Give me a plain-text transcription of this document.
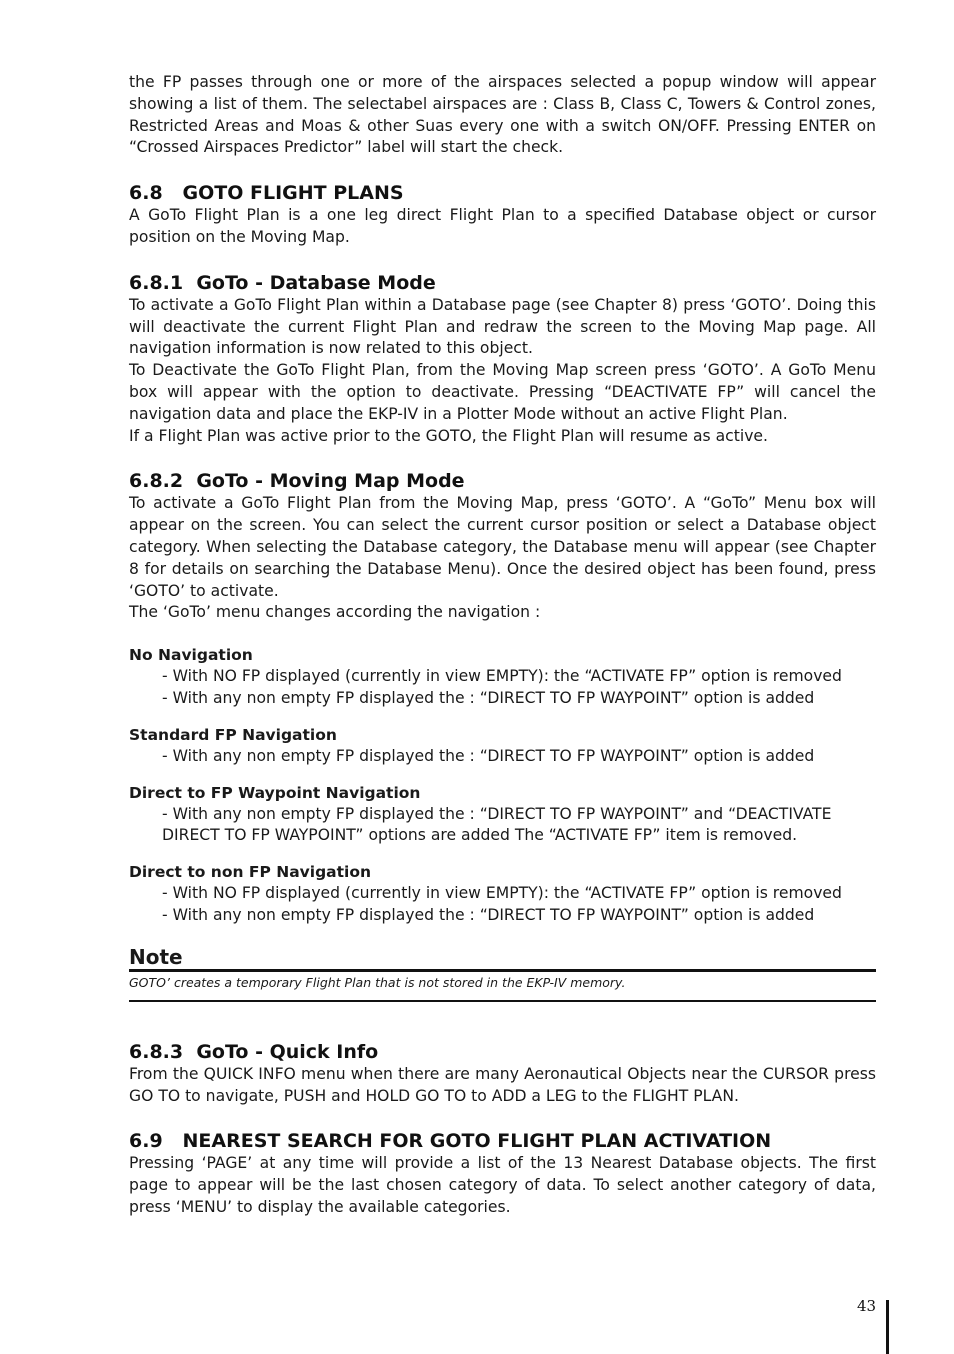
the FP passes through one or more of the airspaces selected a popup window will appear showing a list of them. The selectabel airspaces are : Class B, Class C, Towers & Control zones, Restricted Areas and Moas & other Suas every one with a switch ON/OFF. Pressing ENTER on “Crossed Airspaces Predictor” label will start the check.

6.8   GOTO FLIGHT PLANS

A GoTo Flight Plan is a one leg direct Flight Plan to a specified Database object or cursor position on the Moving Map.

6.8.1  GoTo - Database Mode

To activate a GoTo Flight Plan within a Database page (see Chapter 8) press ‘GOTO’. Doing this will deactivate the current Flight Plan and redraw the screen to the Moving Map page. All navigation information is now related to this object.

To Deactivate the GoTo Flight Plan, from the Moving Map screen press ‘GOTO’. A GoTo Menu box will appear with the option to deactivate. Pressing “DEACTIVATE FP” will cancel the navigation data and place the EKP-IV in a Plotter Mode without an active Flight Plan.

If a Flight Plan was active prior to the GOTO, the Flight Plan will resume as active.

6.8.2  GoTo - Moving Map Mode

To activate a GoTo Flight Plan from the Moving Map, press ‘GOTO’. A “GoTo” Menu box will appear on the screen. You can select the current cursor position or select a Database object category. When selecting the Database category, the Database menu will appear (see Chapter 8 for details on searching the Database Menu). Once the desired object has been found, press ‘GOTO’ to activate.

The ‘GoTo’ menu changes according the navigation :

No Navigation
- With NO FP displayed (currently in view EMPTY): the “ACTIVATE FP” option is removed
- With any non empty FP displayed the : “DIRECT TO FP WAYPOINT” option is added
Standard FP Navigation
- With any non empty FP displayed the : “DIRECT TO FP WAYPOINT” option is added
Direct to FP Waypoint Navigation
- With any non empty FP displayed the : “DIRECT TO FP WAYPOINT” and “DEACTIVATE
DIRECT TO FP WAYPOINT” options are added The “ACTIVATE FP” item is removed.
Direct to non FP Navigation
- With NO FP displayed (currently in view EMPTY): the “ACTIVATE FP” option is removed
- With any non empty FP displayed the : “DIRECT TO FP WAYPOINT” option is added
Note
GOTO’ creates a temporary Flight Plan that is not stored in the EKP-IV memory.
6.8.3  GoTo - Quick Info

From the QUICK INFO menu when there are many Aeronautical Objects near the CURSOR press GO TO to navigate, PUSH and HOLD GO TO to ADD a LEG to the FLIGHT PLAN.

6.9   NEAREST SEARCH FOR GOTO FLIGHT PLAN ACTIVATION

Pressing ‘PAGE’ at any time will provide a list of the 13 Nearest Database objects. The first page to appear will be the last chosen category of data. To select another category of data, press ‘MENU’ to display the available categories.

43
